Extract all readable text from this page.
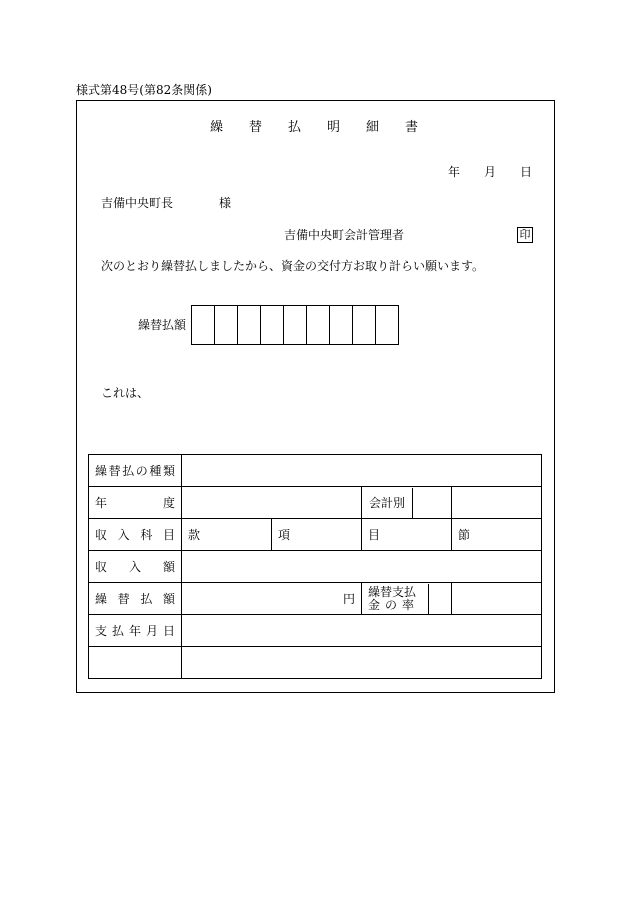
様式第48号(第82条関係)
繰 替 払 明 細 書
年 月 日
吉備中央町長	様
吉備中央町会計管理者	印
次のとおり繰替払しましたから、資金の交付方お取り計らい願います。
繰替払額
これは、
繰替払の種類				
年度			会計別	

収入科目	款	項	目	節
収入額				
繰替払額	円		繰替支払
金の率	

支払年月日				
